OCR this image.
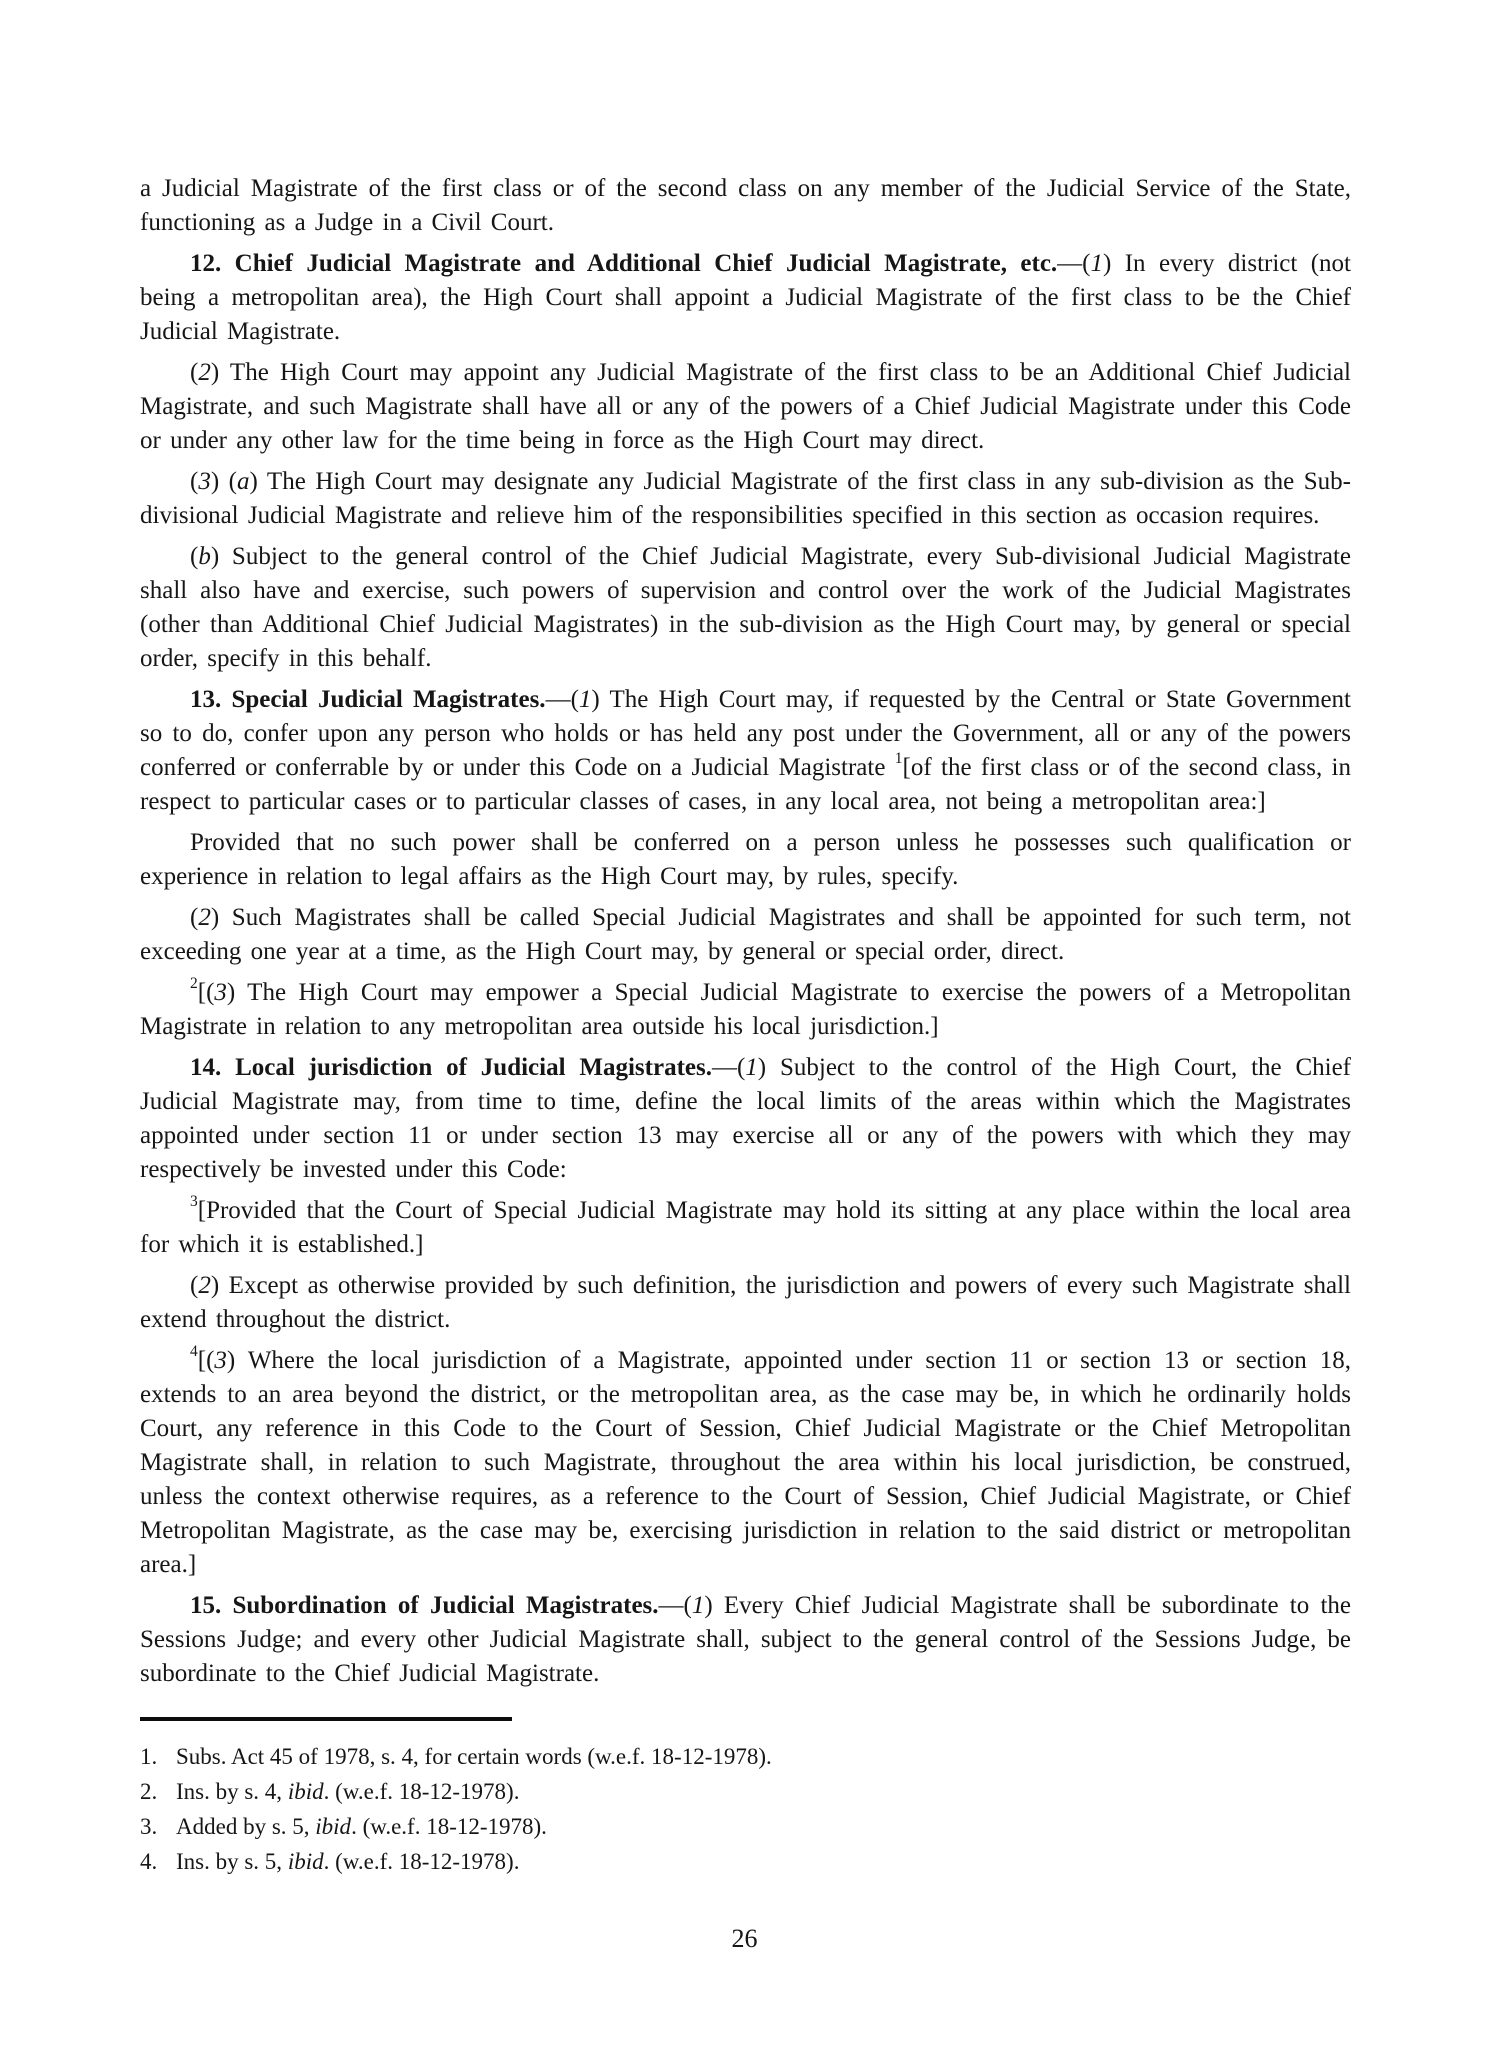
a Judicial Magistrate of the first class or of the second class on any member of the Judicial Service of the State, functioning as a Judge in a Civil Court.

12. Chief Judicial Magistrate and Additional Chief Judicial Magistrate, etc.—(1) In every district (not being a metropolitan area), the High Court shall appoint a Judicial Magistrate of the first class to be the Chief Judicial Magistrate.

(2) The High Court may appoint any Judicial Magistrate of the first class to be an Additional Chief Judicial Magistrate, and such Magistrate shall have all or any of the powers of a Chief Judicial Magistrate under this Code or under any other law for the time being in force as the High Court may direct.

(3) (a) The High Court may designate any Judicial Magistrate of the first class in any sub-division as the Sub-divisional Judicial Magistrate and relieve him of the responsibilities specified in this section as occasion requires.

(b) Subject to the general control of the Chief Judicial Magistrate, every Sub-divisional Judicial Magistrate shall also have and exercise, such powers of supervision and control over the work of the Judicial Magistrates (other than Additional Chief Judicial Magistrates) in the sub-division as the High Court may, by general or special order, specify in this behalf.

13. Special Judicial Magistrates.—(1) The High Court may, if requested by the Central or State Government so to do, confer upon any person who holds or has held any post under the Government, all or any of the powers conferred or conferrable by or under this Code on a Judicial Magistrate $^1$[of the first class or of the second class, in respect to particular cases or to particular classes of cases, in any local area, not being a metropolitan area:]

Provided that no such power shall be conferred on a person unless he possesses such qualification or experience in relation to legal affairs as the High Court may, by rules, specify.

(2) Such Magistrates shall be called Special Judicial Magistrates and shall be appointed for such term, not exceeding one year at a time, as the High Court may, by general or special order, direct.

$^2$[(3) The High Court may empower a Special Judicial Magistrate to exercise the powers of a Metropolitan Magistrate in relation to any metropolitan area outside his local jurisdiction.]

14. Local jurisdiction of Judicial Magistrates.—(1) Subject to the control of the High Court, the Chief Judicial Magistrate may, from time to time, define the local limits of the areas within which the Magistrates appointed under section 11 or under section 13 may exercise all or any of the powers with which they may respectively be invested under this Code:

$^3$[Provided that the Court of Special Judicial Magistrate may hold its sitting at any place within the local area for which it is established.]

(2) Except as otherwise provided by such definition, the jurisdiction and powers of every such Magistrate shall extend throughout the district.

$^4$[(3) Where the local jurisdiction of a Magistrate, appointed under section 11 or section 13 or section 18, extends to an area beyond the district, or the metropolitan area, as the case may be, in which he ordinarily holds Court, any reference in this Code to the Court of Session, Chief Judicial Magistrate or the Chief Metropolitan Magistrate shall, in relation to such Magistrate, throughout the area within his local jurisdiction, be construed, unless the context otherwise requires, as a reference to the Court of Session, Chief Judicial Magistrate, or Chief Metropolitan Magistrate, as the case may be, exercising jurisdiction in relation to the said district or metropolitan area.]

15. Subordination of Judicial Magistrates.—(1) Every Chief Judicial Magistrate shall be subordinate to the Sessions Judge; and every other Judicial Magistrate shall, subject to the general control of the Sessions Judge, be subordinate to the Chief Judicial Magistrate.

1. Subs. Act 45 of 1978, s. 4, for certain words (w.e.f. 18-12-1978).

2. Ins. by s. 4, ibid. (w.e.f. 18-12-1978).

3. Added by s. 5, ibid. (w.e.f. 18-12-1978).

4. Ins. by s. 5, ibid. (w.e.f. 18-12-1978).

26
